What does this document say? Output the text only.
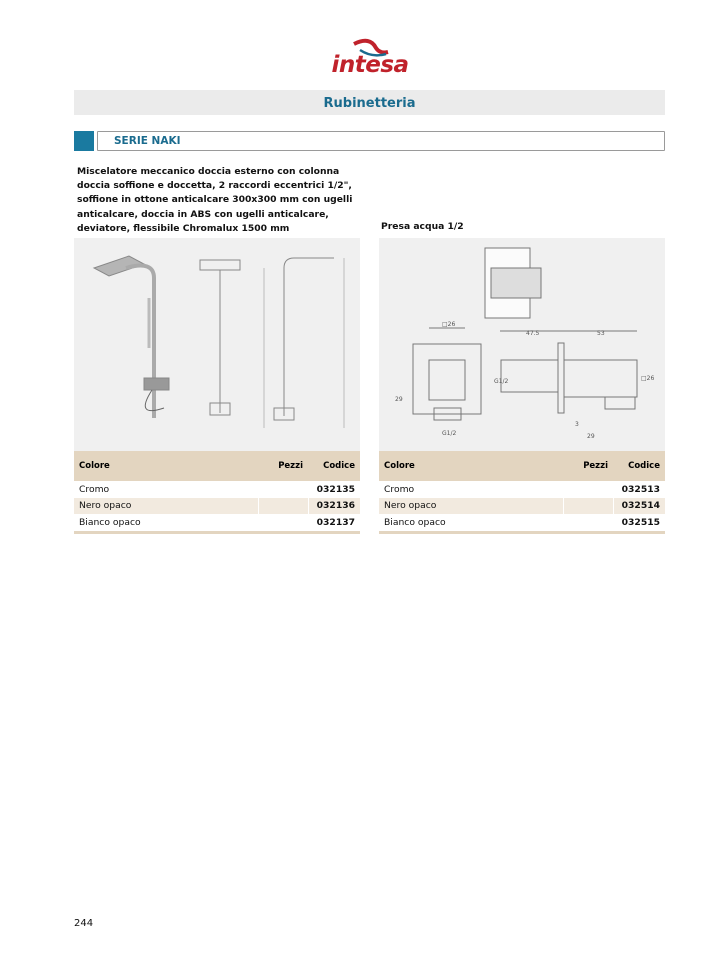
intesa
Rubinetteria
SERIE NAKI
Miscelatore meccanico doccia esterno con colonna doccia soffione e doccetta, 2 raccordi eccentrici 1/2", soffione in ottone anticalcare 300x300 mm con ugelli anticalcare, doccia in ABS con ugelli anticalcare, deviatore, flessibile Chromalux 1500 mm	Presa acqua 1/2
□26
47.5	53
G1/2	□26
29
G1/2
3
29
Colore	Pezzi	Codice
Cromo		032135
Nero opaco		032136
Bianco opaco		032137
Colore	Pezzi	Codice
Cromo		032513
Nero opaco		032514
Bianco opaco		032515
244
